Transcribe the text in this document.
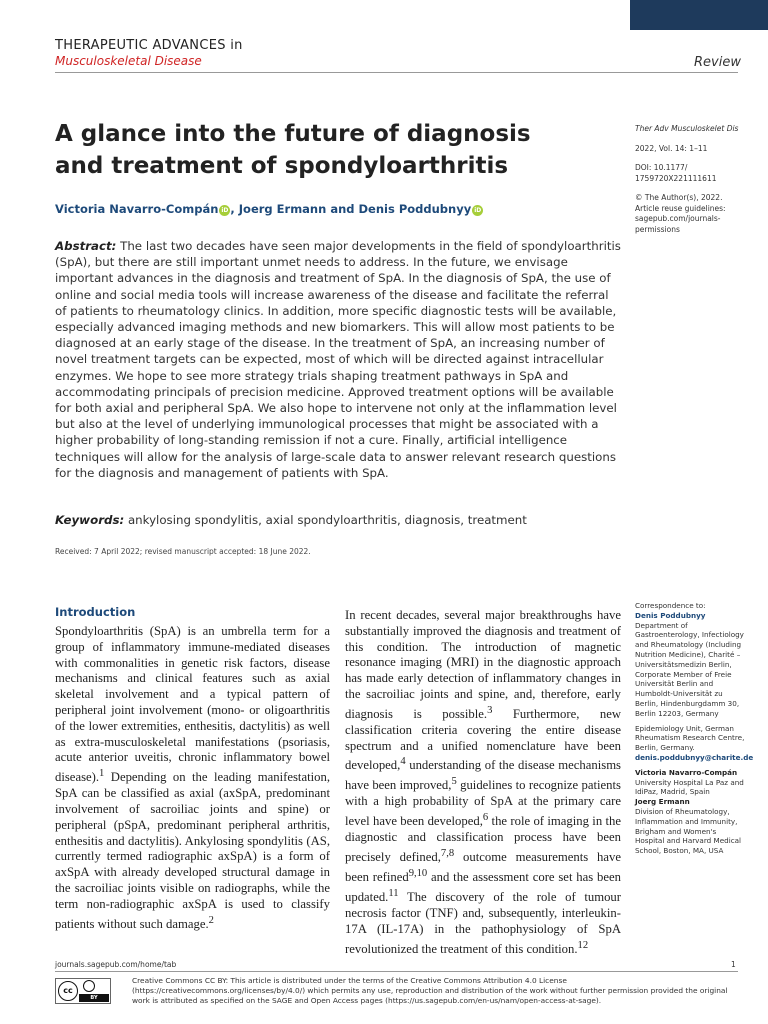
THERAPEUTIC ADVANCES in
Musculoskeletal Disease	Review
A glance into the future of diagnosis and treatment of spondyloarthritis
Ther Adv Musculoskelet Dis
2022, Vol. 14: 1–11
DOI: 10.1177/
1759720X221111611
© The Author(s), 2022.
Article reuse guidelines:
sagepub.com/journals-
permissions
Victoria Navarro-Compán iD , Joerg Ermann and Denis Poddubnyy iD
Abstract: The last two decades have seen major developments in the field of spondyloarthritis (SpA), but there are still important unmet needs to address. In the future, we envisage important advances in the diagnosis and treatment of SpA. In the diagnosis of SpA, the use of online and social media tools will increase awareness of the disease and facilitate the referral of patients to rheumatology clinics. In addition, more specific diagnostic tests will be available, especially advanced imaging methods and new biomarkers. This will allow most patients to be diagnosed at an early stage of the disease. In the treatment of SpA, an increasing number of novel treatment targets can be expected, most of which will be directed against intracellular enzymes. We hope to see more strategy trials shaping treatment pathways in SpA and accommodating principals of precision medicine. Approved treatment options will be available for both axial and peripheral SpA. We also hope to intervene not only at the inflammation level but also at the level of underlying immunological processes that might be associated with a higher probability of long-standing remission if not a cure. Finally, artificial intelligence techniques will allow for the analysis of large-scale data to answer relevant research questions for the diagnosis and management of patients with SpA.
Keywords: ankylosing spondylitis, axial spondyloarthritis, diagnosis, treatment
Received: 7 April 2022; revised manuscript accepted: 18 June 2022.
Introduction

Spondyloarthritis (SpA) is an umbrella term for a group of inflammatory immune-mediated diseases with commonalities in genetic risk factors, disease mechanisms and clinical features such as axial skeletal involvement and a typical pattern of peripheral joint involvement (mono- or oligoarthritis of the lower extremities, enthesitis, dactylitis) as well as extra-musculoskeletal manifestations (psoriasis, acute anterior uveitis, chronic inflammatory bowel disease).$^1$ Depending on the leading manifestation, SpA can be classified as axial (axSpA, predominant involvement of sacroiliac joints and spine) or peripheral (pSpA, predominant peripheral arthritis, enthesitis and dactylitis). Ankylosing spondylitis (AS, currently termed radiographic axSpA) is a form of axSpA with already developed structural damage in the sacroiliac joints visible on radiographs, while the term non-radiographic axSpA is used to classify patients without such damage.$^2$

In recent decades, several major breakthroughs have substantially improved the diagnosis and treatment of this condition. The introduction of magnetic resonance imaging (MRI) in the diagnostic approach has made early detection of inflammatory changes in the sacroiliac joints and spine, and, therefore, early diagnosis is possible.$^3$ Furthermore, new classification criteria covering the entire disease spectrum and a unified nomenclature have been developed,$^4$ understanding of the disease mechanisms have been improved,$^5$ guidelines to recognize patients with a high probability of SpA at the primary care level have been developed,$^6$ the role of imaging in the diagnostic and classification process have been precisely defined,$^{7,8}$ outcome measurements have been refined$^{9,10}$ and the assessment core set has been updated.$^{11}$ The discovery of the role of tumour necrosis factor (TNF) and, subsequently, interleukin-17A (IL-17A) in the pathophysiology of SpA revolutionized the treatment of this condition.$^{12}$

Correspondence to:
Denis Poddubnyy
Department of Gastroenterology, Infectiology and Rheumatology (Including Nutrition Medicine), Charité – Universitätsmedizin Berlin, Corporate Member of Freie Universität Berlin and Humboldt-Universität zu Berlin, Hindenburgdamm 30, Berlin 12203, Germany
Epidemiology Unit, German Rheumatism Research Centre, Berlin, Germany.
denis.poddubnyy@charite.de
Victoria Navarro-Compán
University Hospital La Paz and IdiPaz, Madrid, Spain
Joerg Ermann
Division of Rheumatology, Inflammation and Immunity, Brigham and Women's Hospital and Harvard Medical School, Boston, MA, USA
journals.sagepub.com/home/tab	1
cc
BY
Creative Commons CC BY: This article is distributed under the terms of the Creative Commons Attribution 4.0 License (https://creativecommons.org/licenses/by/4.0/) which permits any use, reproduction and distribution of the work without further permission provided the original work is attributed as specified on the SAGE and Open Access pages (https://us.sagepub.com/en-us/nam/open-access-at-sage).
